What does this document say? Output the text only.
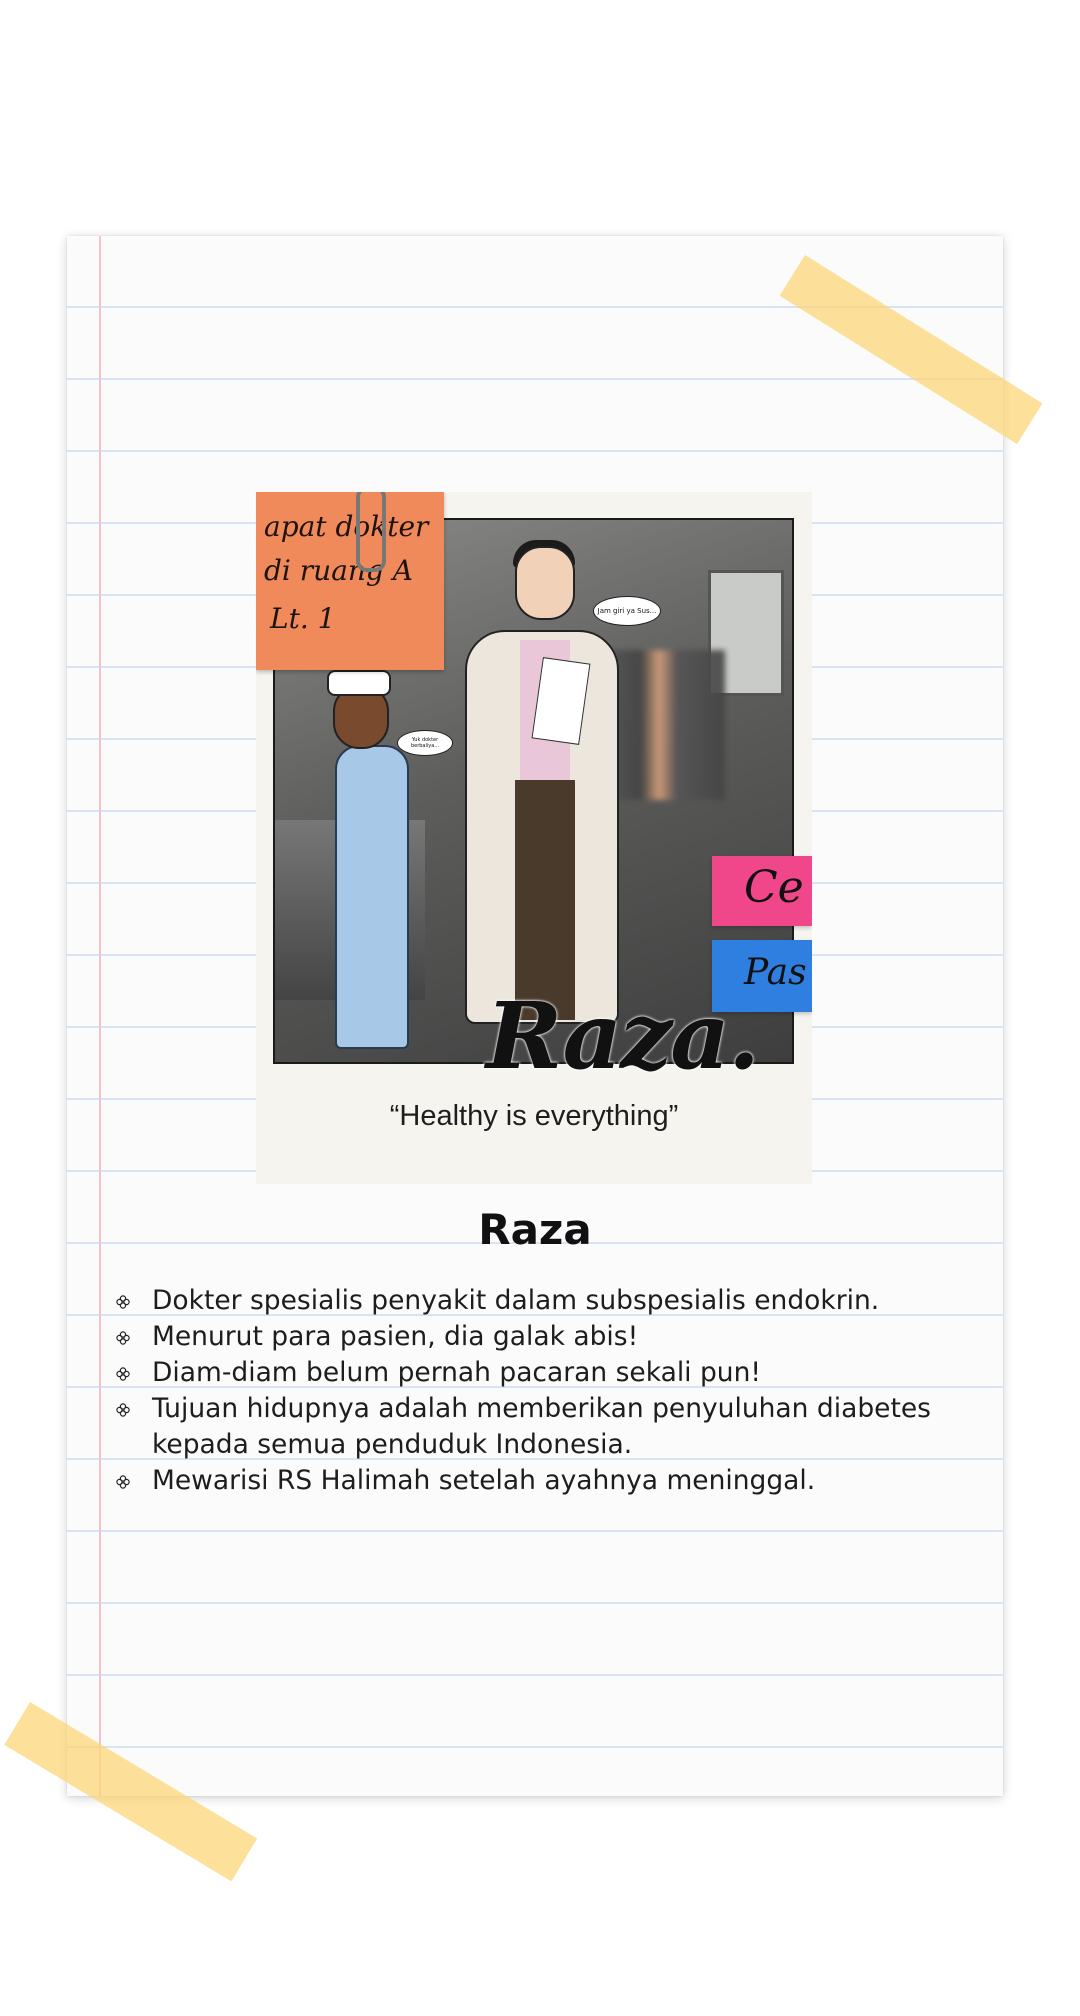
Jam giri ya Sus...
Yuk dokter berbaliya...
apat dokter
di ruang A
Lt. 1
Ce
Pas
Raza.
“Healthy is everything”
Raza
Dokter spesialis penyakit dalam subspesialis endokrin.
Menurut para pasien, dia galak abis!
Diam-diam belum pernah pacaran sekali pun!
Tujuan hidupnya adalah memberikan penyuluhan diabetes kepada semua penduduk Indonesia.
Mewarisi RS Halimah setelah ayahnya meninggal.
